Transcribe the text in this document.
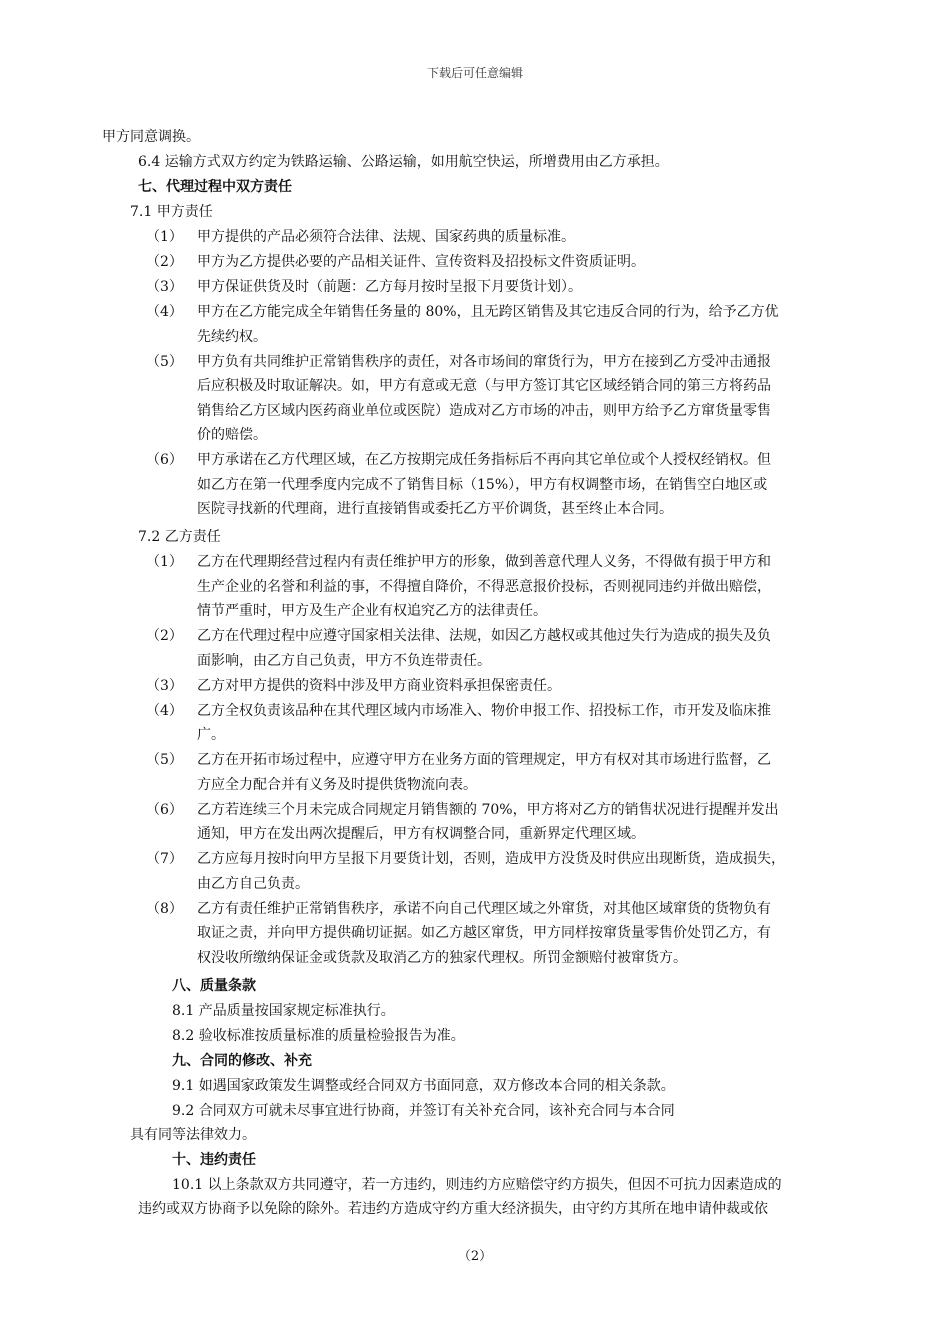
下载后可任意编辑
甲方同意调换。
6.4 运输方式双方约定为铁路运输、公路运输，如用航空快运，所增费用由乙方承担。
七、代理过程中双方责任
7.1 甲方责任
（1） 甲方提供的产品必须符合法律、法规、国家药典的质量标准。
（2） 甲方为乙方提供必要的产品相关证件、宣传资料及招投标文件资质证明。
（3） 甲方保证供货及时（前题：乙方每月按时呈报下月要货计划）。
（4） 甲方在乙方能完成全年销售任务量的 80%，且无跨区销售及其它违反合同的行为，给予乙方优
先续约权。
（5） 甲方负有共同维护正常销售秩序的责任，对各市场间的窜货行为，甲方在接到乙方受冲击通报
后应积极及时取证解决。如，甲方有意或无意（与甲方签订其它区域经销合同的第三方将药品
销售给乙方区域内医药商业单位或医院）造成对乙方市场的冲击，则甲方给予乙方窜货量零售
价的赔偿。
（6） 甲方承诺在乙方代理区域，在乙方按期完成任务指标后不再向其它单位或个人授权经销权。但
如乙方在第一代理季度内完成不了销售目标（15%），甲方有权调整市场，在销售空白地区或
医院寻找新的代理商，进行直接销售或委托乙方平价调货，甚至终止本合同。
7.2 乙方责任
（1） 乙方在代理期经营过程内有责任维护甲方的形象，做到善意代理人义务，不得做有损于甲方和
生产企业的名誉和利益的事，不得擅自降价，不得恶意报价投标，否则视同违约并做出赔偿，
情节严重时，甲方及生产企业有权追究乙方的法律责任。
（2） 乙方在代理过程中应遵守国家相关法律、法规，如因乙方越权或其他过失行为造成的损失及负
面影响，由乙方自己负责，甲方不负连带责任。
（3） 乙方对甲方提供的资料中涉及甲方商业资料承担保密责任。
（4） 乙方全权负责该品种在其代理区域内市场准入、物价申报工作、招投标工作，市开发及临床推
广。
（5） 乙方在开拓市场过程中，应遵守甲方在业务方面的管理规定，甲方有权对其市场进行监督，乙
方应全力配合并有义务及时提供货物流向表。
（6） 乙方若连续三个月未完成合同规定月销售额的 70%，甲方将对乙方的销售状况进行提醒并发出
通知，甲方在发出两次提醒后，甲方有权调整合同，重新界定代理区域。
（7） 乙方应每月按时向甲方呈报下月要货计划，否则，造成甲方没货及时供应出现断货，造成损失，
由乙方自己负责。
（8） 乙方有责任维护正常销售秩序，承诺不向自己代理区域之外窜货，对其他区域窜货的货物负有
取证之责，并向甲方提供确切证据。如乙方越区窜货，甲方同样按窜货量零售价处罚乙方，有
权没收所缴纳保证金或货款及取消乙方的独家代理权。所罚金额赔付被窜货方。
八、质量条款
8.1 产品质量按国家规定标准执行。
8.2 验收标准按质量标准的质量检验报告为准。
九、合同的修改、补充
9.1 如遇国家政策发生调整或经合同双方书面同意，双方修改本合同的相关条款。
9.2 合同双方可就未尽事宜进行协商，并签订有关补充合同，该补充合同与本合同
具有同等法律效力。
十、违约责任
10.1 以上条款双方共同遵守，若一方违约，则违约方应赔偿守约方损失，但因不可抗力因素造成的
违约或双方协商予以免除的除外。若违约方造成守约方重大经济损失，由守约方其所在地申请仲裁或依
（2）
